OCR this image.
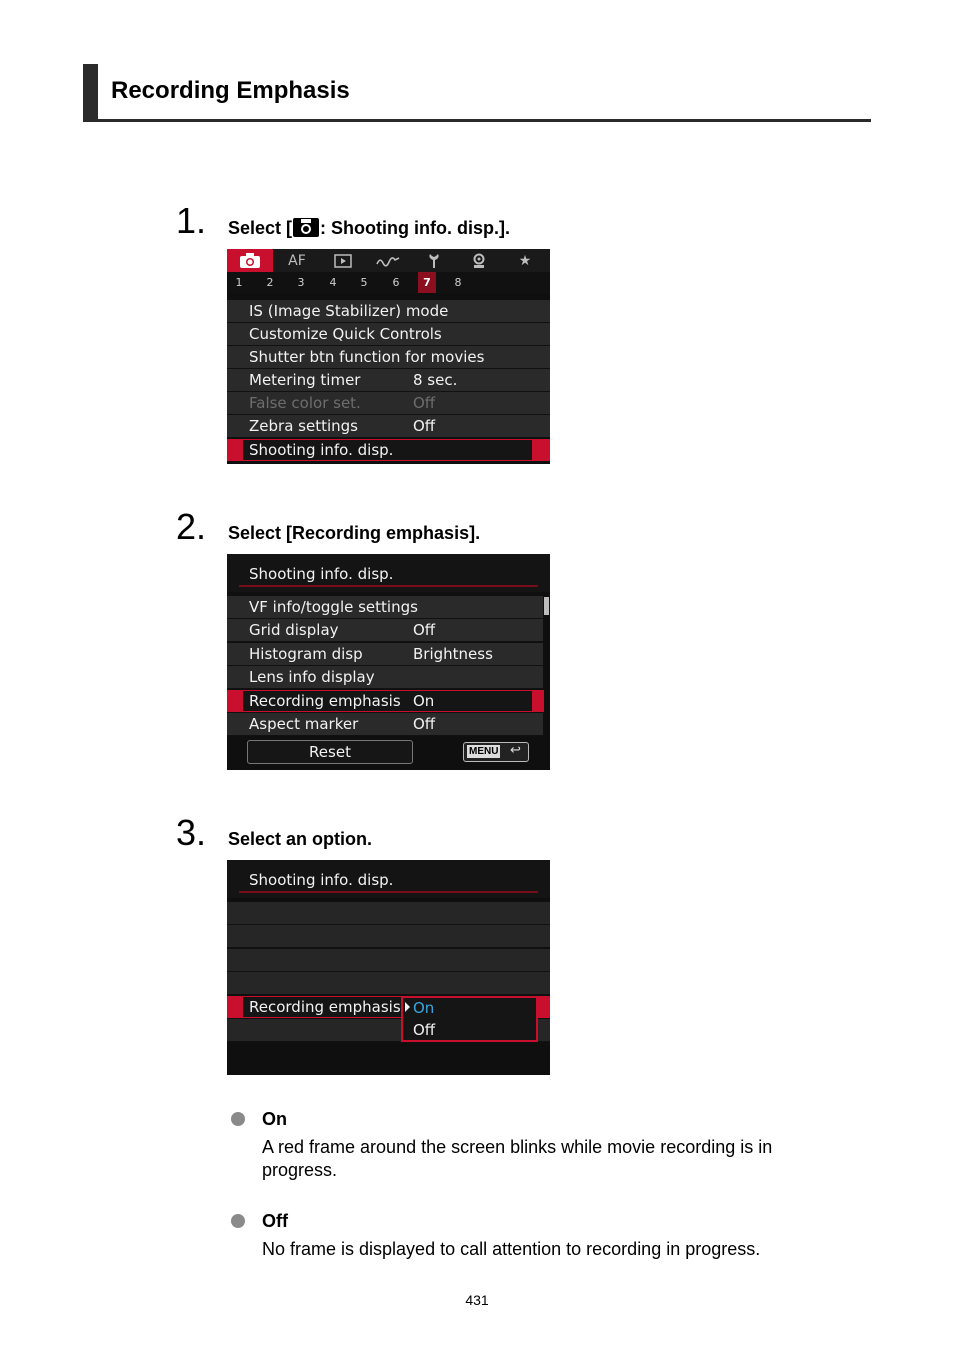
Recording Emphasis
1. Select [ : Shooting info. disp.].
AF	★
1	2	3	4	5	6	7	8
IS (Image Stabilizer) mode
Customize Quick Controls
Shutter btn function for movies
Metering timer	8 sec.
False color set.	Off
Zebra settings	Off
Shooting info. disp.
2. Select [Recording emphasis].
Shooting info. disp.
VF info/toggle settings
Grid display	Off
Histogram disp	Brightness
Lens info display
Recording emphasis On
Aspect marker	Off
Reset	MENU ↩
3. Select an option.
Shooting info. disp.
Recording emphasis On
Off
On
A red frame around the screen blinks while movie recording is in progress.
Off
No frame is displayed to call attention to recording in progress.
431
